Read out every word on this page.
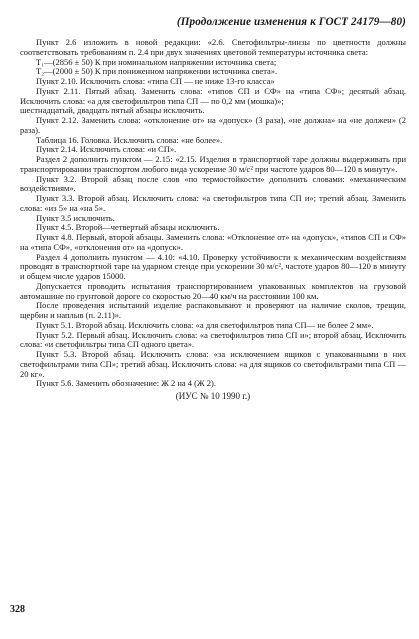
(Продолжение изменения к ГОСТ 24179—80)

Пункт 2.6 изложить в новой редакции: «2.6. Светофильтры-линзы по цветности должны соответствовать требованиям п. 2.4 при двух значениях цветовой температуры источника света:

T₁—(2856 ± 50) К при номинальном напряжении источника света;

T₂—(2000 ± 50) К при пониженном напряжении источника света».

Пункт 2.10. Исключить слова: «типа СП — не ниже 13-го класса»

Пункт 2.11. Пятый абзац. Заменить слова: «типов СП и СФ» на «типа СФ»; десятый абзац. Исключить слова: «а для светофильтров типа СП — по 0,2 мм (мошка)»;

шестнадцатый, двадцать пятый абзацы исключить.

Пункт 2.12. Заменить слова: «отклонение от» на «допуск» (3 раза), «не должна» на «не должен» (2 раза).

Таблица 16. Головка. Исключить слова: «не более».

Пункт 2.14. Исключить слова: «и СП».

Раздел 2 дополнить пунктом — 2.15: «2.15. Изделия в транспортной таре должны выдерживать при транспортировании транспортом любого вида ускорение 30 м/с² при частоте ударов 80—120 в минуту».

Пункт 3.2. Второй абзац после слов «по термостойкости» дополнить словами: «механическим воздействиям».

Пункт 3.3. Второй абзац. Исключить слова: «а светофильтров типа СП и»; третий абзац. Заменить слова: «из 5» на «на 5».

Пункт 3.5 исключить.

Пункт 4.5. Второй—четвертый абзацы исключить.

Пункт 4.8. Первый, второй абзацы. Заменить слова: «Отклонение от» на «допуск», «типов СП и СФ» на «типа СФ», «отклонения от» на «допуск».

Раздел 4 дополнить пунктом — 4.10: «4.10. Проверку устойчивости к механическим воздействиям проводят в транспортной таре на ударном стенде при ускорении 30 м/с², частоте ударов 80—120 в минуту и общем числе ударов 15000.

Допускается проводить испытания транспортированием упакованных комплектов на грузовой автомашине по грунтовой дороге со скоростью 20—40 км/ч на расстоянии 100 км.

После проведения испытаний изделие распаковывают и проверяют на наличие сколов, трещин, щербин и наплыв (п. 2.11)».

Пункт 5.1. Второй абзац. Исключить слова: «а для светофильтров типа СП— не более 2 мм».

Пункт 5.2. Первый абзац. Исключить слова: «а светофильтров типа СП и»; второй абзац. Исключить слова: «и светофильтры типа СП одного цвета».

Пункт 5.3. Второй абзац. Исключить слова: «за исключением ящиков с упакованными в них светофильтрами типа СП»; третий абзац. Исключить слова: «а для ящиков со светофильтрами типа СП — 20 кг».

Пункт 5.6. Заменить обозначение: Ж 2 на 4 (Ж 2).

(ИУС № 10 1990 г.)

328
